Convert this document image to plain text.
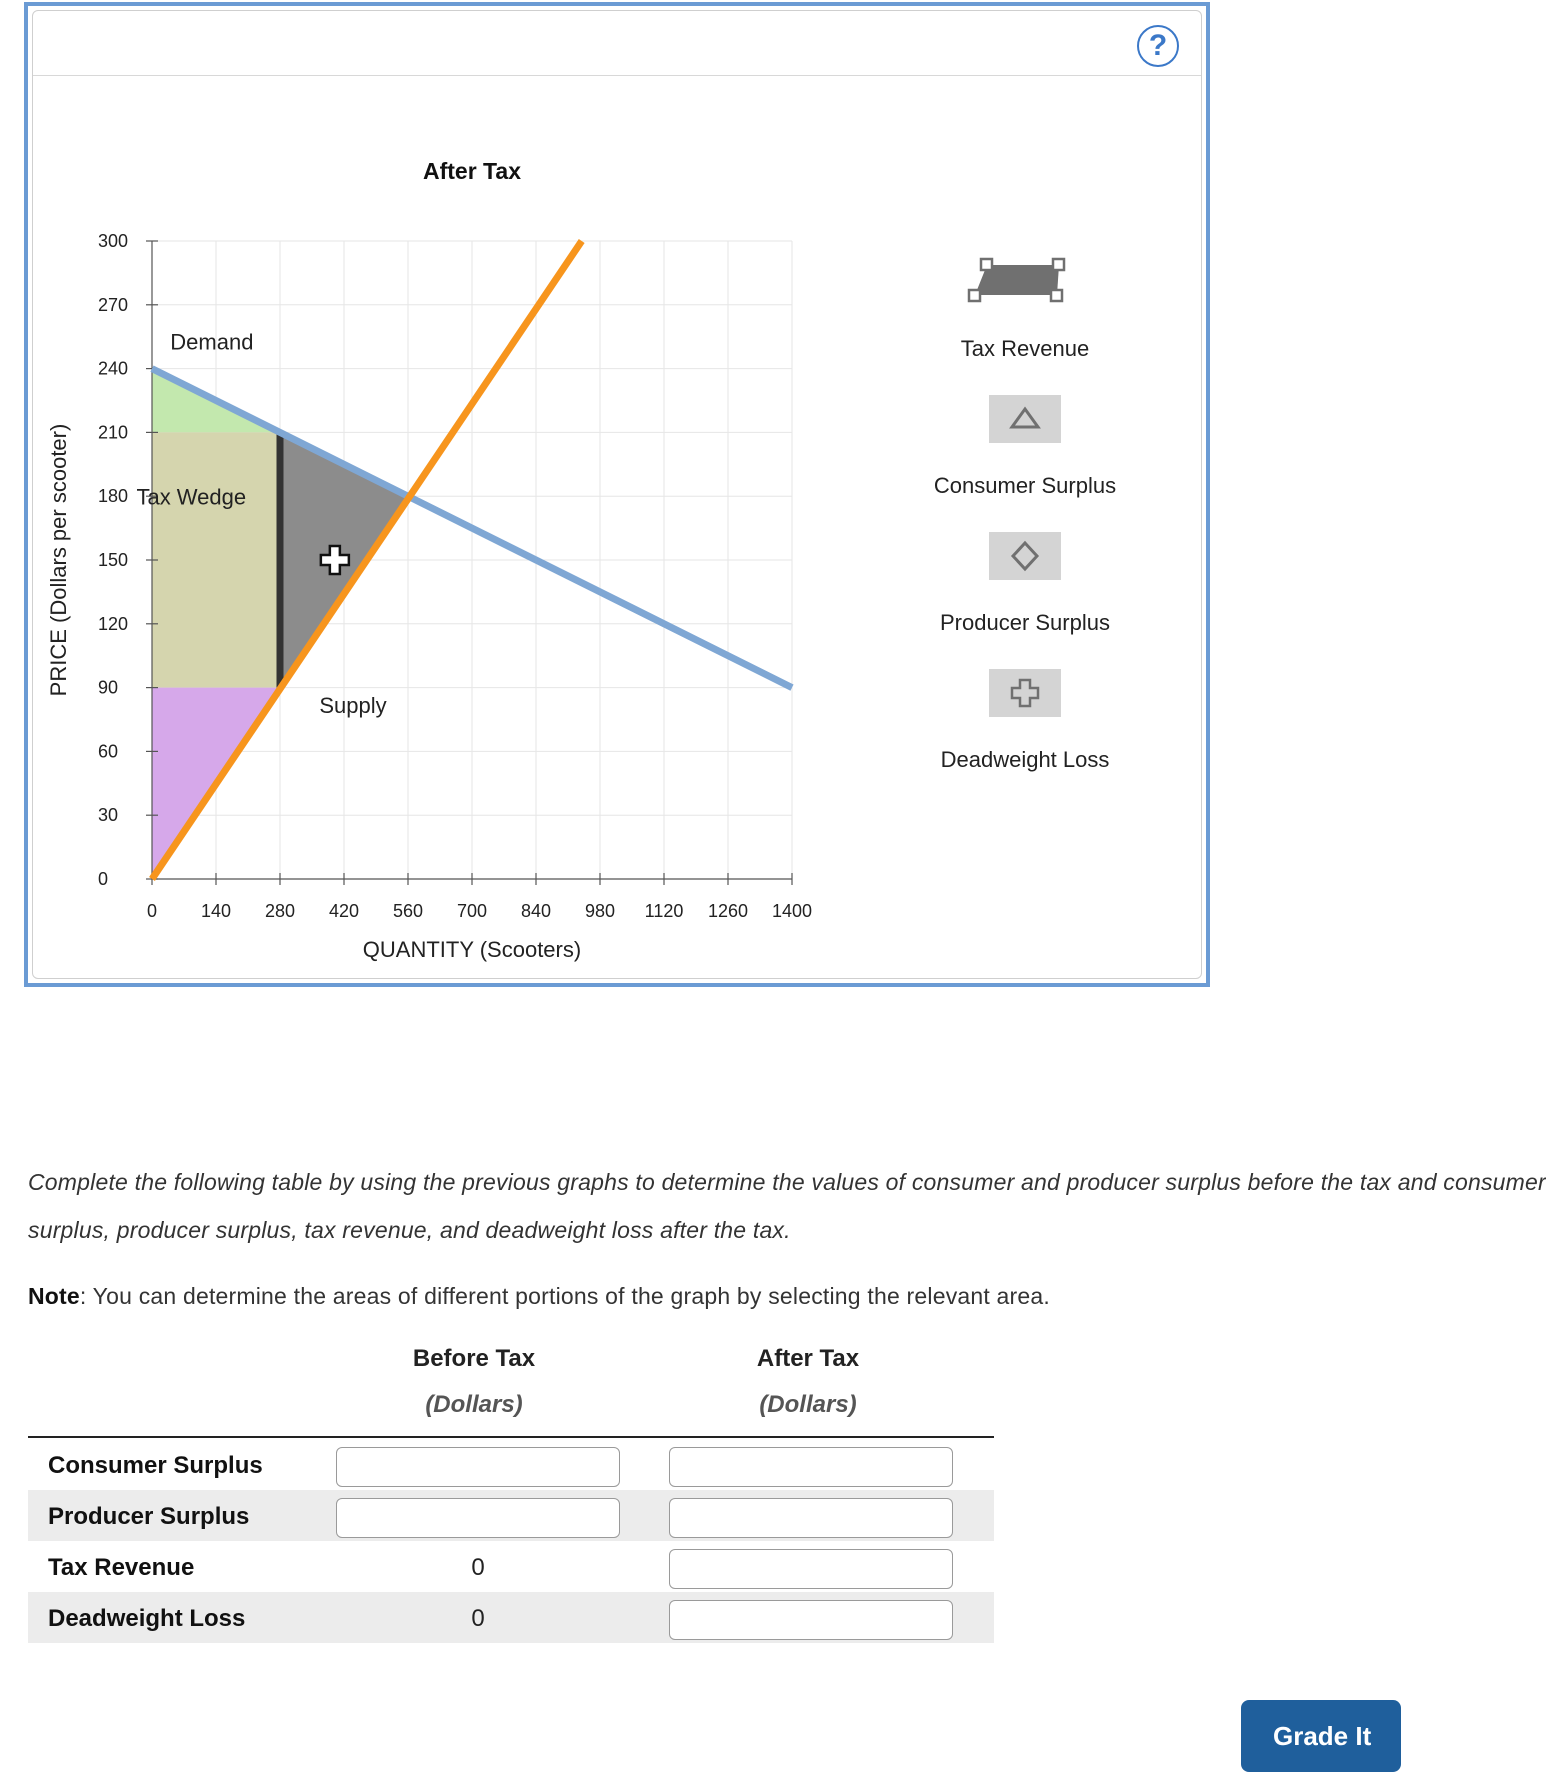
?
0
30
60
90
120
150
180
210
240
270
300
0 140 280 420 560 700 840 980 1120 1260 1400
After Tax
QUANTITY (Scooters)
PRICE (Dollars per scooter)
Demand
Supply
Tax Wedge
Tax Revenue
Consumer Surplus
Producer Surplus
Deadweight Loss
Complete the following table by using the previous graphs to determine the values of consumer and producer surplus before the tax and consumer
surplus, producer surplus, tax revenue, and deadweight loss after the tax.
Note: You can determine the areas of different portions of the graph by selecting the relevant area.
Before Tax
(Dollars)
After Tax
(Dollars)
Consumer Surplus
Producer Surplus
Tax Revenue	0
Deadweight Loss	0
Grade It
